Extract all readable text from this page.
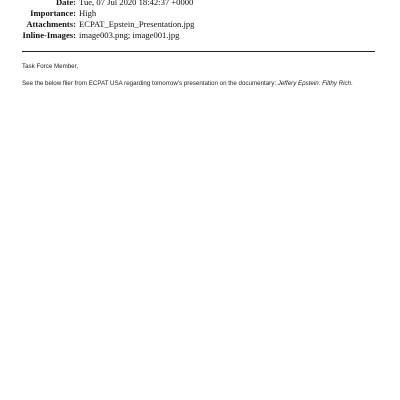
Date: Tue, 07 Jul 2020 18:42:37 +0000
Importance: High
Attachments: ECPAT_Epstein_Presentation.jpg
Inline-Images: image003.png; image001.jpg
Task Force Member,
See the below flier from ECPAT USA regarding tomorrow’s presentation on the documentary: Jeffery Epstein: Filthy Rich.
